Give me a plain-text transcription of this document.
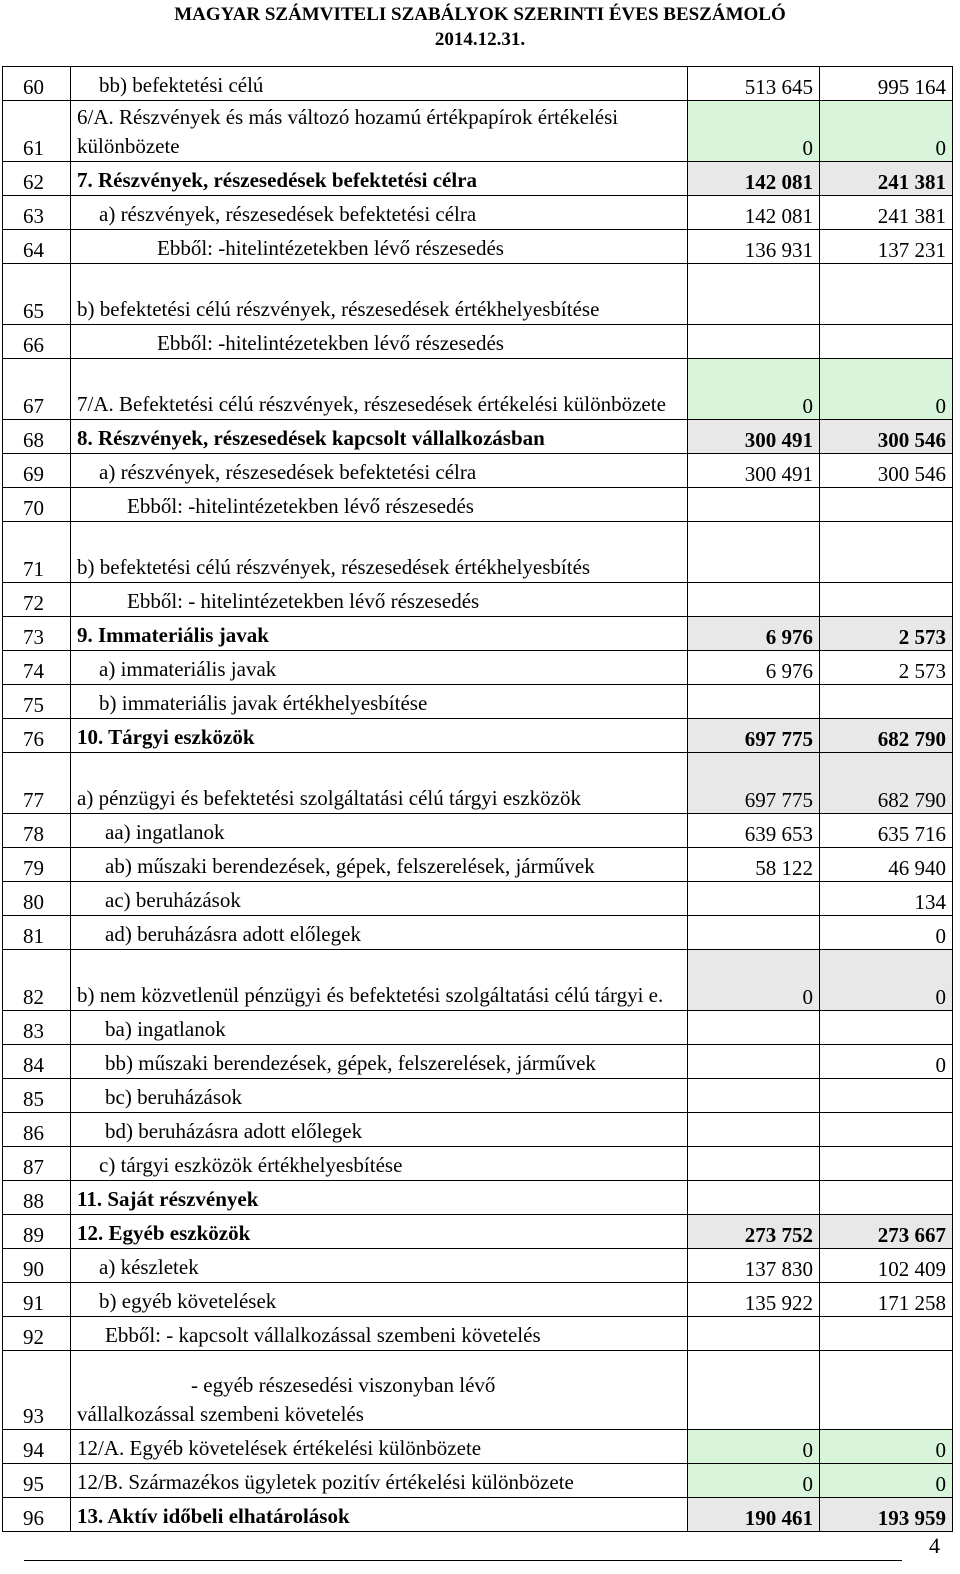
MAGYAR SZÁMVITELI SZABÁLYOK SZERINTI ÉVES BESZÁMOLÓ
2014.12.31.
60	bb) befektetési célú	513 645	995 164
61	6/A. Részvények és más változó hozamú értékpapírok értékelési különbözete	0	0
62	7. Részvények, részesedések befektetési célra	142 081	241 381
63	a) részvények, részesedések befektetési célra	142 081	241 381
64	Ebből: -hitelintézetekben lévő részesedés	136 931	137 231
65	b) befektetési célú részvények, részesedések értékhelyesbítése		
66	Ebből: -hitelintézetekben lévő részesedés		
67	7/A. Befektetési célú részvények, részesedések értékelési különbözete	0	0
68	8. Részvények, részesedések kapcsolt vállalkozásban	300 491	300 546
69	a) részvények, részesedések befektetési célra	300 491	300 546
70	Ebből: -hitelintézetekben lévő részesedés		
71	b) befektetési célú részvények, részesedések értékhelyesbítés		
72	Ebből: - hitelintézetekben lévő részesedés		
73	9. Immateriális javak	6 976	2 573
74	a) immateriális javak	6 976	2 573
75	b) immateriális javak értékhelyesbítése		
76	10. Tárgyi eszközök	697 775	682 790
77	a) pénzügyi és befektetési szolgáltatási célú tárgyi eszközök	697 775	682 790
78	aa) ingatlanok	639 653	635 716
79	ab) műszaki berendezések, gépek, felszerelések, járművek	58 122	46 940
80	ac) beruházások		134
81	ad) beruházásra adott előlegek		0
82	b) nem közvetlenül pénzügyi és befektetési szolgáltatási célú tárgyi e.	0	0
83	ba) ingatlanok		
84	bb) műszaki berendezések, gépek, felszerelések, járművek		0
85	bc) beruházások		
86	bd) beruházásra adott előlegek		
87	c) tárgyi eszközök értékhelyesbítése		
88	11. Saját részvények		
89	12. Egyéb eszközök	273 752	273 667
90	a) készletek	137 830	102 409
91	b) egyéb követelések	135 922	171 258
92	Ebből: - kapcsolt vállalkozással szembeni követelés		
93	- egyéb részesedési viszonyban lévő
vállalkozással szembeni követelés		

94	12/A. Egyéb követelések értékelési különbözete	0	0
95	12/B. Származékos ügyletek pozitív értékelési különbözete	0	0
96	13. Aktív időbeli elhatárolások	190 461	193 959
4
